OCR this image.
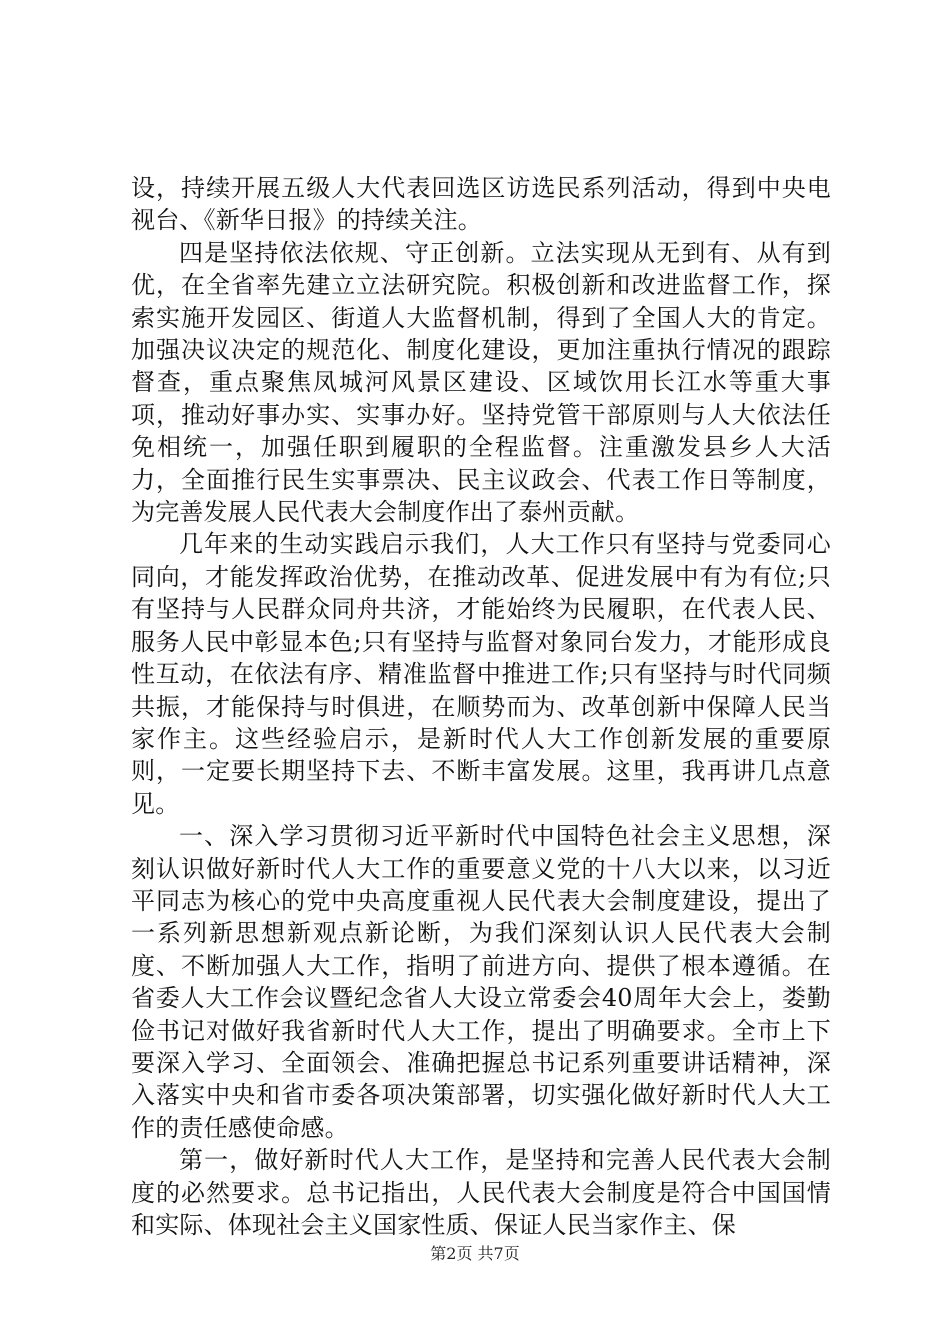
设，持续开展五级人大代表回选区访选民系列活动，得到中央电视台、《新华日报》的持续关注。

四是坚持依法依规、守正创新。立法实现从无到有、从有到优，在全省率先建立立法研究院。积极创新和改进监督工作，探索实施开发园区、街道人大监督机制，得到了全国人大的肯定。加强决议决定的规范化、制度化建设，更加注重执行情况的跟踪督查，重点聚焦凤城河风景区建设、区域饮用长江水等重大事项，推动好事办实、实事办好。坚持党管干部原则与人大依法任免相统一，加强任职到履职的全程监督。注重激发县乡人大活力，全面推行民生实事票决、民主议政会、代表工作日等制度，为完善发展人民代表大会制度作出了泰州贡献。

几年来的生动实践启示我们，人大工作只有坚持与党委同心同向，才能发挥政治优势，在推动改革、促进发展中有为有位;只有坚持与人民群众同舟共济，才能始终为民履职，在代表人民、服务人民中彰显本色;只有坚持与监督对象同台发力，才能形成良性互动，在依法有序、精准监督中推进工作;只有坚持与时代同频共振，才能保持与时俱进，在顺势而为、改革创新中保障人民当家作主。这些经验启示，是新时代人大工作创新发展的重要原则，一定要长期坚持下去、不断丰富发展。这里，我再讲几点意见。

一、深入学习贯彻习近平新时代中国特色社会主义思想，深刻认识做好新时代人大工作的重要意义党的十八大以来，以习近平同志为核心的党中央高度重视人民代表大会制度建设，提出了一系列新思想新观点新论断，为我们深刻认识人民代表大会制度、不断加强人大工作，指明了前进方向、提供了根本遵循。在省委人大工作会议暨纪念省人大设立常委会40周年大会上，娄勤俭书记对做好我省新时代人大工作，提出了明确要求。全市上下要深入学习、全面领会、准确把握总书记系列重要讲话精神，深入落实中央和省市委各项决策部署，切实强化做好新时代人大工作的责任感使命感。

第一，做好新时代人大工作，是坚持和完善人民代表大会制度的必然要求。总书记指出，人民代表大会制度是符合中国国情和实际、体现社会主义国家性质、保证人民当家作主、保

第2页 共7页
